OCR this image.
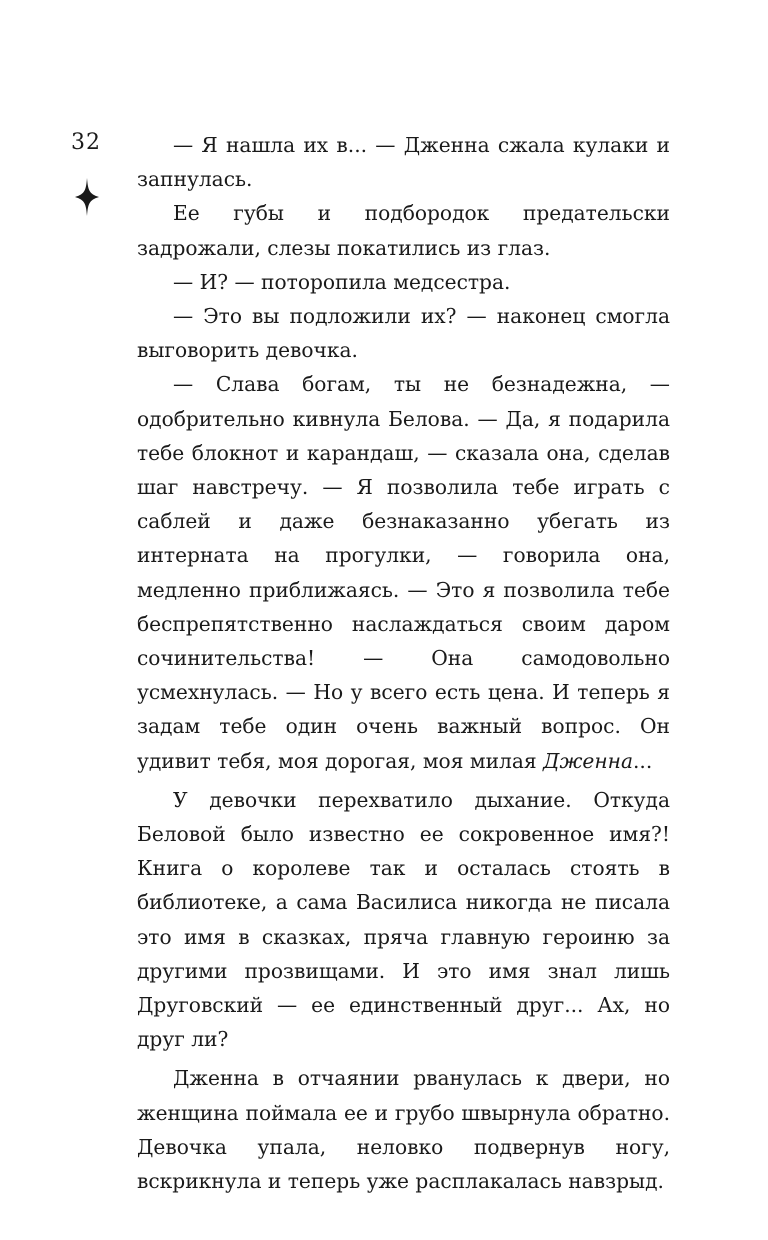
32	— Я нашла их в... — Дженна сжала кулаки и запнулась.

Ее губы и подбородок предательски задрожали, слезы покатились из глаз.

— И? — поторопила медсестра.

— Это вы подложили их? — наконец смогла выговорить девочка.

— Слава богам, ты не безнадежна, — одобрительно кивнула Белова. — Да, я подарила тебе блокнот и карандаш, — сказала она, сделав шаг навстречу. — Я позволила тебе играть с саблей и даже безнаказанно убегать из интерната на прогулки, — говорила она, медленно приближаясь. — Это я позволила тебе беспрепятственно наслаждаться своим даром сочинительства! — Она самодовольно усмехнулась. — Но у всего есть цена. И теперь я задам тебе один очень важный вопрос. Он удивит тебя, моя дорогая, моя милая Дженна...

У девочки перехватило дыхание. Откуда Беловой было известно ее сокровенное имя?! Книга о королеве так и осталась стоять в библиотеке, а сама Василиса никогда не писала это имя в сказках, пряча главную героиню за другими прозвищами. И это имя знал лишь Друговский — ее единственный друг... Ах, но друг ли?

Дженна в отчаянии рванулась к двери, но женщина поймала ее и грубо швырнула обратно. Девочка упала, неловко подвернув ногу, вскрикнула и теперь уже расплакалась навзрыд.
